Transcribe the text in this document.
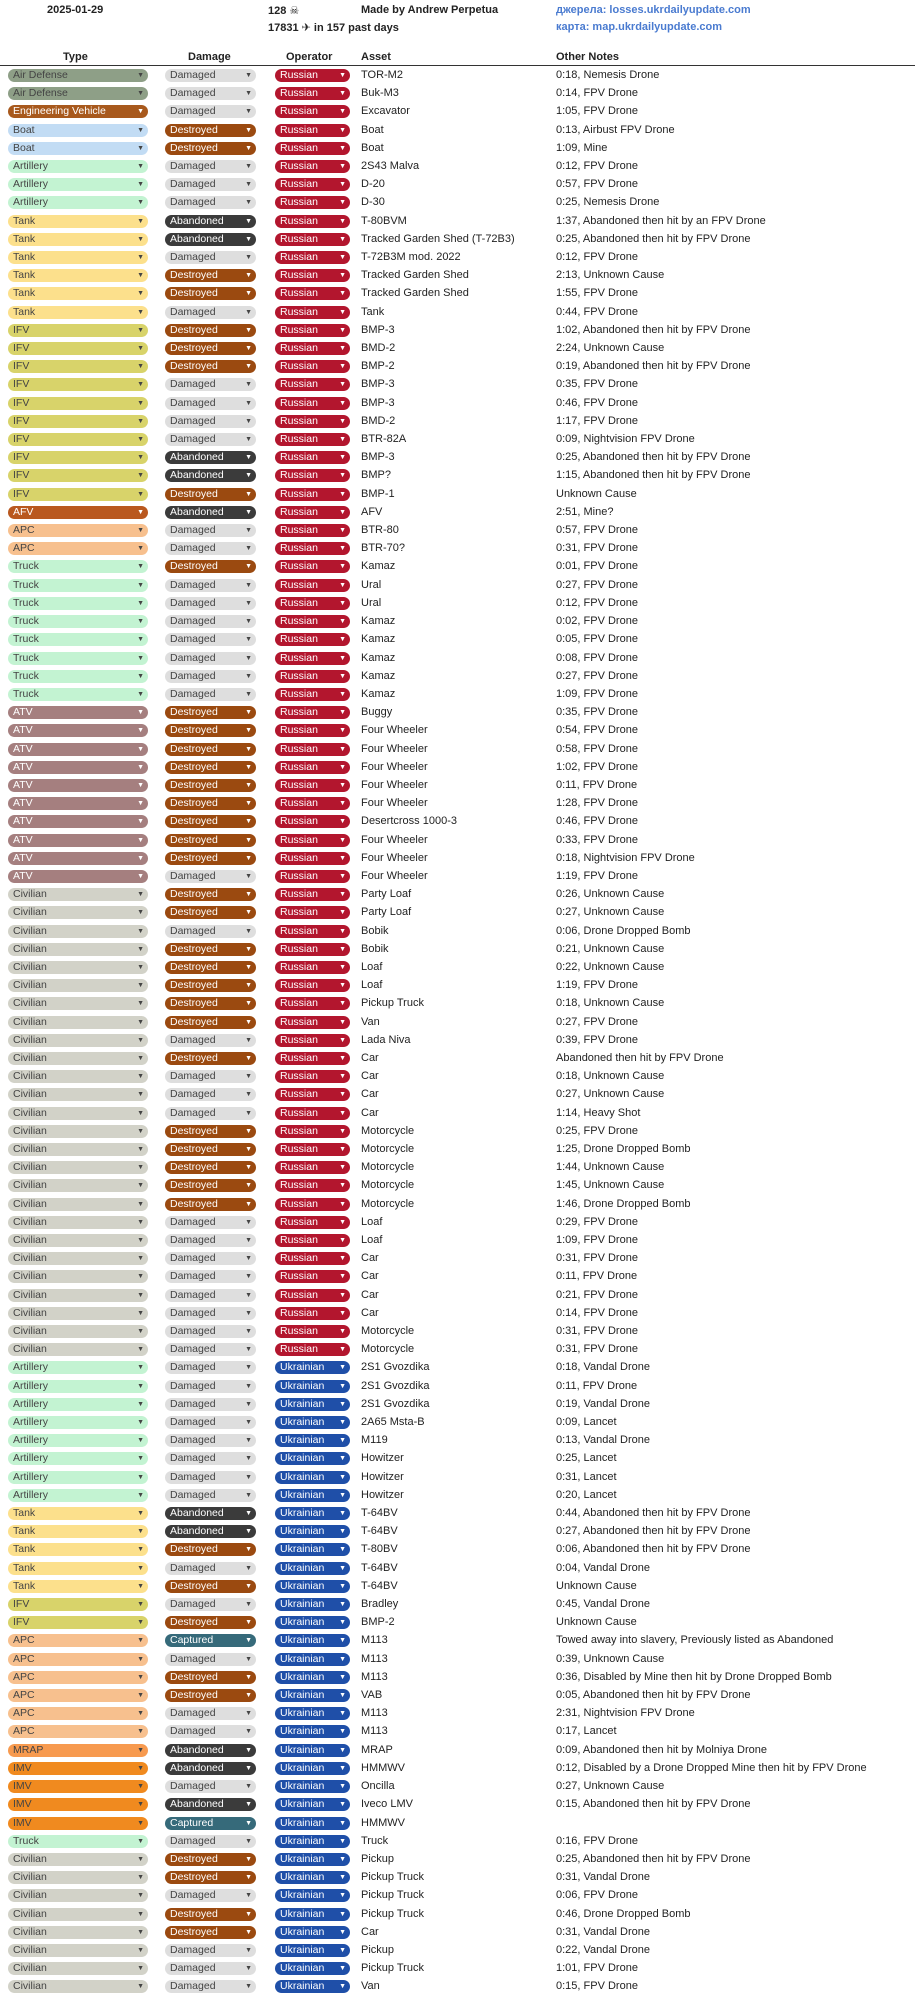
2025-01-29	128 ☠
17831 ✈ in 157 past days
Made by Andrew Perpetua	джерела: losses.ukrdailyupdate.com
карта: map.ukrdailyupdate.com
Type	Damage	Operator	Asset	Other Notes
Air Defense	▼	Damaged	▼	Russian	▼ TOR-M2	0:18, Nemesis Drone
Air Defense	▼	Damaged	▼	Russian	▼ Buk-M3	0:14, FPV Drone
Engineering Vehicle	▼	Damaged	▼	Russian	▼ Excavator	1:05, FPV Drone
Boat	▼	Destroyed	▼	Russian	▼ Boat	0:13, Airbust FPV Drone
Boat	▼	Destroyed	▼	Russian	▼ Boat	1:09, Mine
Artillery	▼	Damaged	▼	Russian	▼ 2S43 Malva	0:12, FPV Drone
Artillery	▼	Damaged	▼	Russian	▼ D-20	0:57, FPV Drone
Artillery	▼	Damaged	▼	Russian	▼ D-30	0:25, Nemesis Drone
Tank	▼	Abandoned	▼	Russian	▼ T-80BVM	1:37, Abandoned then hit by an FPV Drone
Tank	▼	Abandoned	▼	Russian	▼ Tracked Garden Shed (T-72B3)	0:25, Abandoned then hit by FPV Drone
Tank	▼	Damaged	▼	Russian	▼ T-72B3M mod. 2022	0:12, FPV Drone
Tank	▼	Destroyed	▼	Russian	▼ Tracked Garden Shed	2:13, Unknown Cause
Tank	▼	Destroyed	▼	Russian	▼ Tracked Garden Shed	1:55, FPV Drone
Tank	▼	Damaged	▼	Russian	▼ Tank	0:44, FPV Drone
IFV	▼	Destroyed	▼	Russian	▼ BMP-3	1:02, Abandoned then hit by FPV Drone
IFV	▼	Destroyed	▼	Russian	▼ BMD-2	2:24, Unknown Cause
IFV	▼	Destroyed	▼	Russian	▼ BMP-2	0:19, Abandoned then hit by FPV Drone
IFV	▼	Damaged	▼	Russian	▼ BMP-3	0:35, FPV Drone
IFV	▼	Damaged	▼	Russian	▼ BMP-3	0:46, FPV Drone
IFV	▼	Damaged	▼	Russian	▼ BMD-2	1:17, FPV Drone
IFV	▼	Damaged	▼	Russian	▼ BTR-82A	0:09, Nightvision FPV Drone
IFV	▼	Abandoned	▼	Russian	▼ BMP-3	0:25, Abandoned then hit by FPV Drone
IFV	▼	Abandoned	▼	Russian	▼ BMP?	1:15, Abandoned then hit by FPV Drone
IFV	▼	Destroyed	▼	Russian	▼ BMP-1	Unknown Cause
AFV	▼	Abandoned	▼	Russian	▼ AFV	2:51, Mine?
APC	▼	Damaged	▼	Russian	▼ BTR-80	0:57, FPV Drone
APC	▼	Damaged	▼	Russian	▼ BTR-70?	0:31, FPV Drone
Truck	▼	Destroyed	▼	Russian	▼ Kamaz	0:01, FPV Drone
Truck	▼	Damaged	▼	Russian	▼ Ural	0:27, FPV Drone
Truck	▼	Damaged	▼	Russian	▼ Ural	0:12, FPV Drone
Truck	▼	Damaged	▼	Russian	▼ Kamaz	0:02, FPV Drone
Truck	▼	Damaged	▼	Russian	▼ Kamaz	0:05, FPV Drone
Truck	▼	Damaged	▼	Russian	▼ Kamaz	0:08, FPV Drone
Truck	▼	Damaged	▼	Russian	▼ Kamaz	0:27, FPV Drone
Truck	▼	Damaged	▼	Russian	▼ Kamaz	1:09, FPV Drone
ATV	▼	Destroyed	▼	Russian	▼ Buggy	0:35, FPV Drone
ATV	▼	Destroyed	▼	Russian	▼ Four Wheeler	0:54, FPV Drone
ATV	▼	Destroyed	▼	Russian	▼ Four Wheeler	0:58, FPV Drone
ATV	▼	Destroyed	▼	Russian	▼ Four Wheeler	1:02, FPV Drone
ATV	▼	Destroyed	▼	Russian	▼ Four Wheeler	0:11, FPV Drone
ATV	▼	Destroyed	▼	Russian	▼ Four Wheeler	1:28, FPV Drone
ATV	▼	Destroyed	▼	Russian	▼ Desertcross 1000-3	0:46, FPV Drone
ATV	▼	Destroyed	▼	Russian	▼ Four Wheeler	0:33, FPV Drone
ATV	▼	Destroyed	▼	Russian	▼ Four Wheeler	0:18, Nightvision FPV Drone
ATV	▼	Damaged	▼	Russian	▼ Four Wheeler	1:19, FPV Drone
Civilian	▼	Destroyed	▼	Russian	▼ Party Loaf	0:26, Unknown Cause
Civilian	▼	Destroyed	▼	Russian	▼ Party Loaf	0:27, Unknown Cause
Civilian	▼	Damaged	▼	Russian	▼ Bobik	0:06, Drone Dropped Bomb
Civilian	▼	Destroyed	▼	Russian	▼ Bobik	0:21, Unknown Cause
Civilian	▼	Destroyed	▼	Russian	▼ Loaf	0:22, Unknown Cause
Civilian	▼	Destroyed	▼	Russian	▼ Loaf	1:19, FPV Drone
Civilian	▼	Destroyed	▼	Russian	▼ Pickup Truck	0:18, Unknown Cause
Civilian	▼	Destroyed	▼	Russian	▼ Van	0:27, FPV Drone
Civilian	▼	Damaged	▼	Russian	▼ Lada Niva	0:39, FPV Drone
Civilian	▼	Destroyed	▼	Russian	▼ Car	Abandoned then hit by FPV Drone
Civilian	▼	Damaged	▼	Russian	▼ Car	0:18, Unknown Cause
Civilian	▼	Damaged	▼	Russian	▼ Car	0:27, Unknown Cause
Civilian	▼	Damaged	▼	Russian	▼ Car	1:14, Heavy Shot
Civilian	▼	Destroyed	▼	Russian	▼ Motorcycle	0:25, FPV Drone
Civilian	▼	Destroyed	▼	Russian	▼ Motorcycle	1:25, Drone Dropped Bomb
Civilian	▼	Destroyed	▼	Russian	▼ Motorcycle	1:44, Unknown Cause
Civilian	▼	Destroyed	▼	Russian	▼ Motorcycle	1:45, Unknown Cause
Civilian	▼	Destroyed	▼	Russian	▼ Motorcycle	1:46, Drone Dropped Bomb
Civilian	▼	Damaged	▼	Russian	▼ Loaf	0:29, FPV Drone
Civilian	▼	Damaged	▼	Russian	▼ Loaf	1:09, FPV Drone
Civilian	▼	Damaged	▼	Russian	▼ Car	0:31, FPV Drone
Civilian	▼	Damaged	▼	Russian	▼ Car	0:11, FPV Drone
Civilian	▼	Damaged	▼	Russian	▼ Car	0:21, FPV Drone
Civilian	▼	Damaged	▼	Russian	▼ Car	0:14, FPV Drone
Civilian	▼	Damaged	▼	Russian	▼ Motorcycle	0:31, FPV Drone
Civilian	▼	Damaged	▼	Russian	▼ Motorcycle	0:31, FPV Drone
Artillery	▼	Damaged	▼	Ukrainian ▼ 2S1 Gvozdika	0:18, Vandal Drone
Artillery	▼	Damaged	▼	Ukrainian ▼ 2S1 Gvozdika	0:11, FPV Drone
Artillery	▼	Damaged	▼	Ukrainian ▼ 2S1 Gvozdika	0:19, Vandal Drone
Artillery	▼	Damaged	▼	Ukrainian ▼ 2A65 Msta-B	0:09, Lancet
Artillery	▼	Damaged	▼	Ukrainian ▼ M119	0:13, Vandal Drone
Artillery	▼	Damaged	▼	Ukrainian ▼ Howitzer	0:25, Lancet
Artillery	▼	Damaged	▼	Ukrainian ▼ Howitzer	0:31, Lancet
Artillery	▼	Damaged	▼	Ukrainian ▼ Howitzer	0:20, Lancet
Tank	▼	Abandoned	▼	Ukrainian ▼ T-64BV	0:44, Abandoned then hit by FPV Drone
Tank	▼	Abandoned	▼	Ukrainian ▼ T-64BV	0:27, Abandoned then hit by FPV Drone
Tank	▼	Destroyed	▼	Ukrainian ▼ T-80BV	0:06, Abandoned then hit by FPV Drone
Tank	▼	Damaged	▼	Ukrainian ▼ T-64BV	0:04, Vandal Drone
Tank	▼	Destroyed	▼	Ukrainian ▼ T-64BV	Unknown Cause
IFV	▼	Damaged	▼	Ukrainian ▼ Bradley	0:45, Vandal Drone
IFV	▼	Destroyed	▼	Ukrainian ▼ BMP-2	Unknown Cause
APC	▼	Captured	▼	Ukrainian ▼ M113	Towed away into slavery, Previously listed as Abandoned
APC	▼	Damaged	▼	Ukrainian ▼ M113	0:39, Unknown Cause
APC	▼	Destroyed	▼	Ukrainian ▼ M113	0:36, Disabled by Mine then hit by Drone Dropped Bomb
APC	▼	Destroyed	▼	Ukrainian ▼ VAB	0:05, Abandoned then hit by FPV Drone
APC	▼	Damaged	▼	Ukrainian ▼ M113	2:31, Nightvision FPV Drone
APC	▼	Damaged	▼	Ukrainian ▼ M113	0:17, Lancet
MRAP	▼	Abandoned	▼	Ukrainian ▼ MRAP	0:09, Abandoned then hit by Molniya Drone
IMV	▼	Abandoned	▼	Ukrainian ▼ HMMWV	0:12, Disabled by a Drone Dropped Mine then hit by FPV Drone
IMV	▼	Damaged	▼	Ukrainian ▼ Oncilla	0:27, Unknown Cause
IMV	▼	Abandoned	▼	Ukrainian ▼ Iveco LMV	0:15, Abandoned then hit by FPV Drone
IMV	▼	Captured	▼	Ukrainian ▼ HMMWV
Truck	▼	Damaged	▼	Ukrainian ▼ Truck	0:16, FPV Drone
Civilian	▼	Destroyed	▼	Ukrainian ▼ Pickup	0:25, Abandoned then hit by FPV Drone
Civilian	▼	Destroyed	▼	Ukrainian ▼ Pickup Truck	0:31, Vandal Drone
Civilian	▼	Damaged	▼	Ukrainian ▼ Pickup Truck	0:06, FPV Drone
Civilian	▼	Destroyed	▼	Ukrainian ▼ Pickup Truck	0:46, Drone Dropped Bomb
Civilian	▼	Destroyed	▼	Ukrainian ▼ Car	0:31, Vandal Drone
Civilian	▼	Damaged	▼	Ukrainian ▼ Pickup	0:22, Vandal Drone
Civilian	▼	Damaged	▼	Ukrainian ▼ Pickup Truck	1:01, FPV Drone
Civilian	▼	Damaged	▼	Ukrainian ▼ Van	0:15, FPV Drone
